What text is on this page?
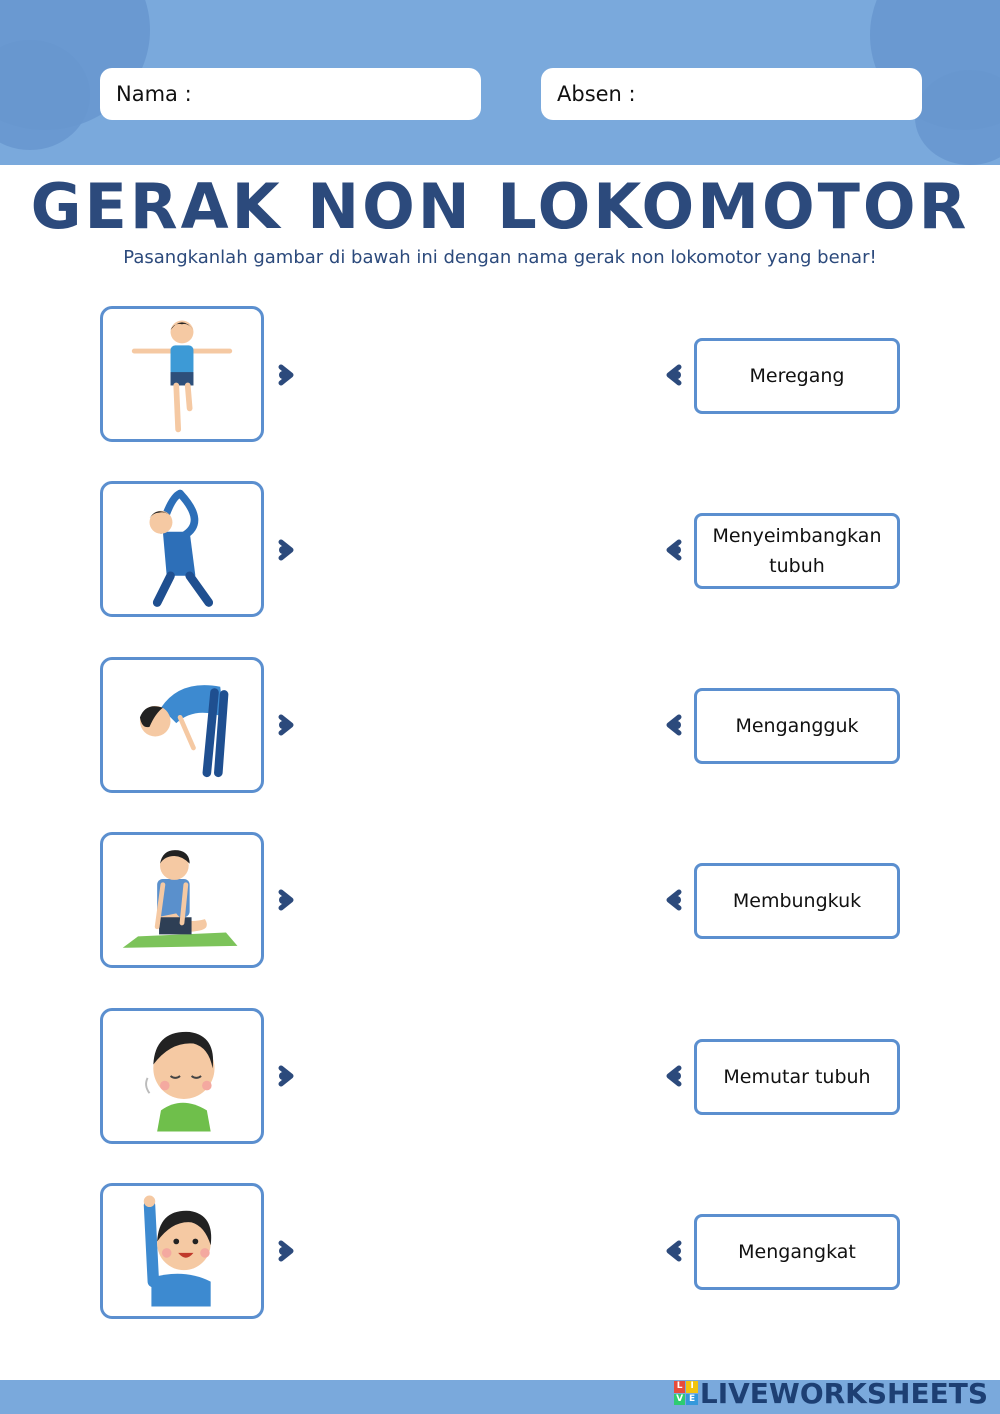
Nama :	Absen :
GERAK NON LOKOMOTOR
Pasangkanlah gambar di bawah ini dengan nama gerak non lokomotor yang benar!
Meregang
Menyeimbangkan tubuh
Mengangguk
Membungkuk
Memutar tubuh
Mengangkat
L I
V E LIVEWORKSHEETS
